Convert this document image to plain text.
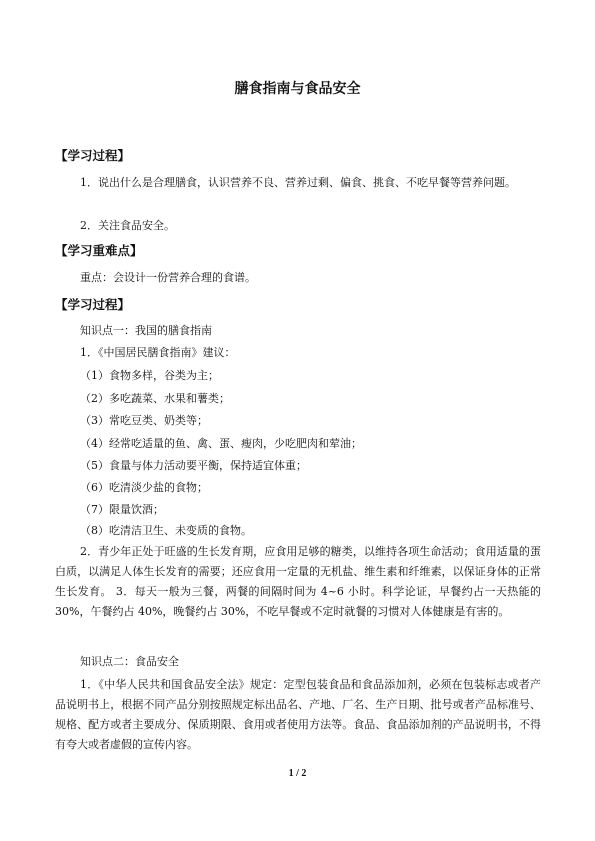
膳食指南与食品安全
【学习过程】
1．说出什么是合理膳食，认识营养不良、营养过剩、偏食、挑食、不吃早餐等营养问题。
2．关注食品安全。
【学习重难点】
重点：会设计一份营养合理的食谱。
【学习过程】
知识点一：我国的膳食指南
1．《中国居民膳食指南》建议：
（1）食物多样，谷类为主；
（2）多吃蔬菜、水果和薯类；
（3）常吃豆类、奶类等；
（4）经常吃适量的鱼、禽、蛋、瘦肉，少吃肥肉和荤油；
（5）食量与体力活动要平衡，保持适宜体重；
（6）吃清淡少盐的食物；
（7）限量饮酒；
（8）吃清洁卫生、未变质的食物。
2．青少年正处于旺盛的生长发育期，应食用足够的糖类，以维持各项生命活动；食用适量的蛋白质，以满足人体生长发育的需要；还应食用一定量的无机盐、维生素和纤维素，以保证身体的正常生长发育。 3．每天一般为三餐，两餐的间隔时间为 4~6 小时。科学论证，早餐约占一天热能的 30%，午餐约占 40%，晚餐约占 30%，不吃早餐或不定时就餐的习惯对人体健康是有害的。
知识点二：食品安全
1．《中华人民共和国食品安全法》规定：定型包装食品和食品添加剂，必须在包装标志或者产品说明书上，根据不同产品分别按照规定标出品名、产地、厂名、生产日期、批号或者产品标准号、规格、配方或者主要成分、保质期限、食用或者使用方法等。食品、食品添加剂的产品说明书，不得有夸大或者虚假的宣传内容。
1 / 2
